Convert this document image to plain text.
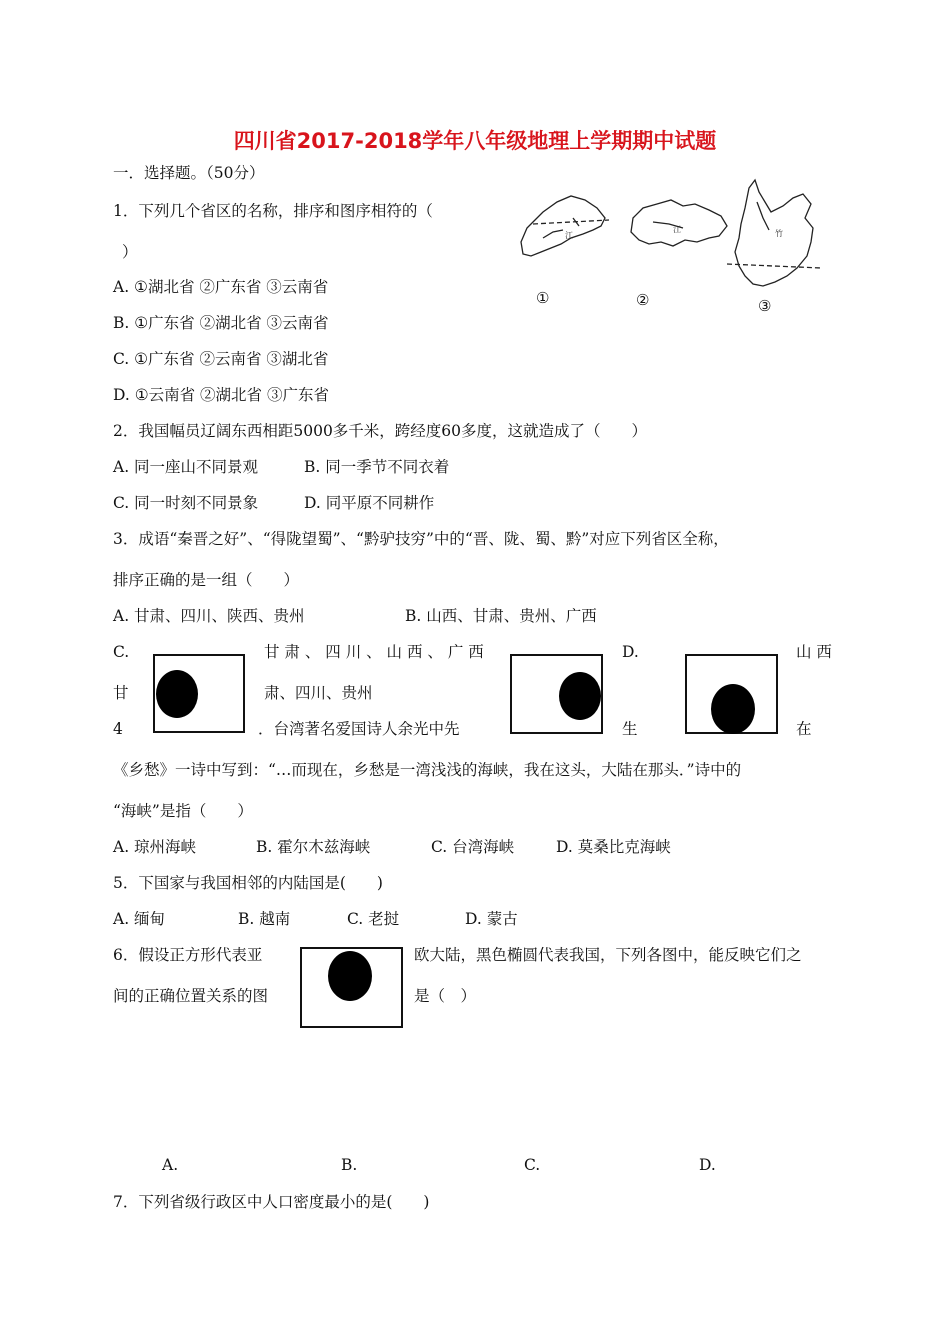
四川省2017-2018学年八年级地理上学期期中试题
一．选择题。（50分）
1．下列几个省区的名称，排序和图序相符的（
）
A. ①湖北省 ②广东省 ③云南省
B. ①广东省 ②湖北省 ③云南省
C. ①广东省 ②云南省 ③湖北省
D. ①云南省 ②湖北省 ③广东省
江
江	竹
①	②	③
2．我国幅员辽阔东西相距5000多千米，跨经度60多度，这就造成了（　　）
A. 同一座山不同景观	B. 同一季节不同衣着
C. 同一时刻不同景象	D. 同平原不同耕作
3．成语“秦晋之好”、“得陇望蜀”、“黔驴技穷”中的“晋、陇、蜀、黔”对应下列省区全称，
排序正确的是一组（　　）
A. 甘肃、四川、陕西、贵州	B. 山西、甘肃、贵州、广西
C.	甘 肃 、 四 川 、 山 西 、 广 西	D.	山 西
甘	肃、四川、贵州
4	．台湾著名爱国诗人余光中先	生	在
《乡愁》一诗中写到：“…而现在，乡愁是一湾浅浅的海峡，我在这头，大陆在那头．”诗中的
“海峡”是指（　　）
A. 琼州海峡	B. 霍尔木兹海峡	C. 台湾海峡	D. 莫桑比克海峡
5．下国家与我国相邻的内陆国是(　　)
A. 缅甸	B. 越南	C. 老挝	D. 蒙古
6．假设正方形代表亚	欧大陆，黑色椭圆代表我国，下列各图中，能反映它们之
间的正确位置关系的图	是（　）
A.	B.	C.	D.
7．下列省级行政区中人口密度最小的是(　　)
